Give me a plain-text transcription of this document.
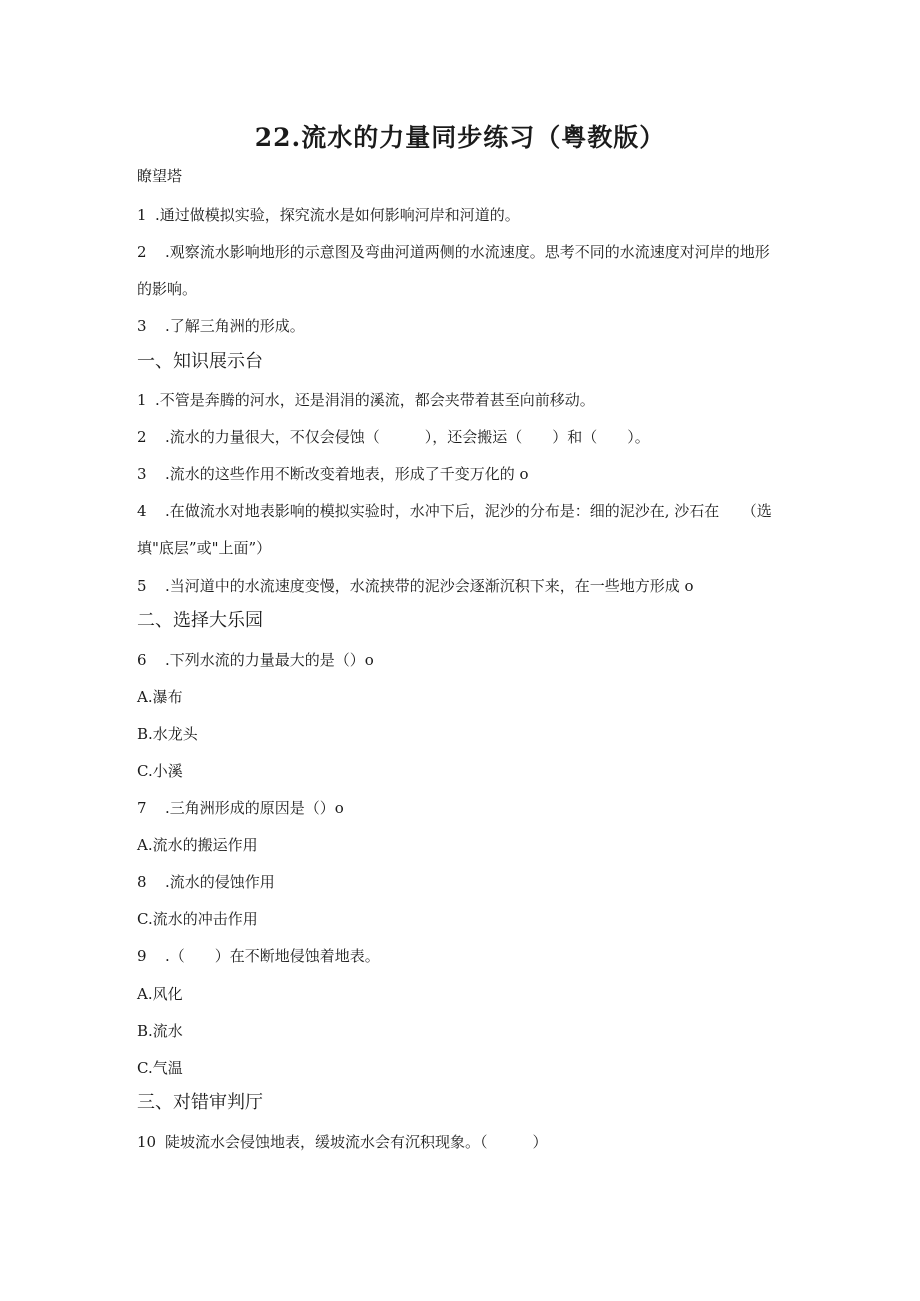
22.流水的力量同步练习（粤教版）
瞭望塔
1 .通过做模拟实验，探究流水是如何影响河岸和河道的。
2 .观察流水影响地形的示意图及弯曲河道两侧的水流速度。思考不同的水流速度对河岸的地形
的影响。
3 .了解三角洲的形成。
一、知识展示台
1 .不管是奔腾的河水，还是涓涓的溪流，都会夹带着甚至向前移动。
2 .流水的力量很大，不仅会侵蚀（　　　），还会搬运（　　）和（　　）。
3 .流水的这些作用不断改变着地表，形成了千变万化的 o
4 .在做流水对地表影响的模拟实验时，水冲下后，泥沙的分布是：细的泥沙在, 沙石在　　（选
填"底层”或"上面”）
5 .当河道中的水流速度变慢，水流挟带的泥沙会逐渐沉积下来，在一些地方形成 o
二、选择大乐园
6 .下列水流的力量最大的是（）o
A.瀑布
B.水龙头
C.小溪
7 .三角洲形成的原因是（）o
A.流水的搬运作用
8 .流水的侵蚀作用
C.流水的冲击作用
9 .（　　）在不断地侵蚀着地表。
A.风化
B.流水
C.气温
三、对错审判厅
10 陡坡流水会侵蚀地表，缓坡流水会有沉积现象。（　　　）
